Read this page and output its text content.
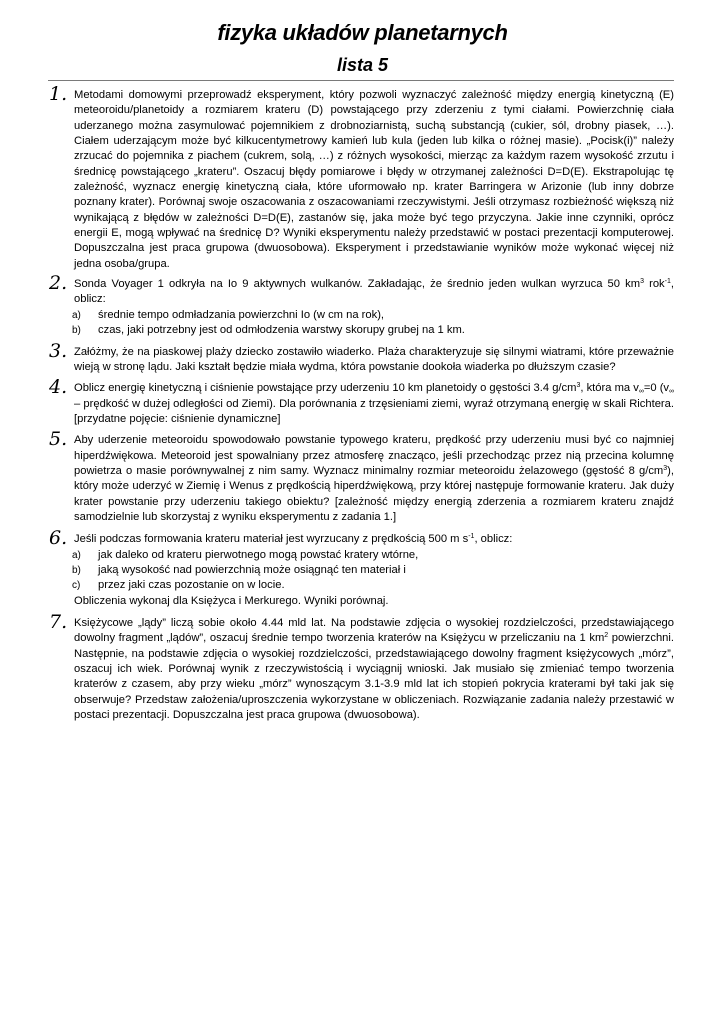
fizyka układów planetarnych
lista 5
1. Metodami domowymi przeprowadź eksperyment, który pozwoli wyznaczyć zależność między energią kinetyczną (E) meteoroidu/planetoidy a rozmiarem krateru (D) powstającego przy zderzeniu z tymi ciałami. Powierzchnię ciała uderzanego można zasymulować pojemnikiem z drobnoziarnistą, suchą substancją (cukier, sól, drobny piasek, …). Ciałem uderzającym może być kilkucentymetrowy kamień lub kula (jeden lub kilka o różnej masie). „Pocisk(i)” należy zrzucać do pojemnika z piachem (cukrem, solą, …) z różnych wysokości, mierząc za każdym razem wysokość zrzutu i średnicę powstającego „krateru”. Oszacuj błędy pomiarowe i błędy w otrzymanej zależności D=D(E). Ekstrapolując tę zależność, wyznacz energię kinetyczną ciała, które uformowało np. krater Barringera w Arizonie (lub inny dobrze poznany krater). Porównaj swoje oszacowania z oszacowaniami rzeczywistymi. Jeśli otrzymasz rozbieżność większą niż wynikającą z błędów w zależności D=D(E), zastanów się, jaka może być tego przyczyna. Jakie inne czynniki, oprócz energii E, mogą wpływać na średnicę D? Wyniki eksperymentu należy przedstawić w postaci prezentacji komputerowej. Dopuszczalna jest praca grupowa (dwuosobowa). Eksperyment i przedstawianie wyników może wykonać więcej niż jedna osoba/grupa.

2. Sonda Voyager 1 odkryła na Io 9 aktywnych wulkanów. Zakładając, że średnio jeden wulkan wyrzuca 50 $km^3$ rok$^{-1}$, oblicz:

a) średnie tempo odmładzania powierzchni Io (w cm na rok),
b) czas, jaki potrzebny jest od odmłodzenia warstwy skorupy grubej na 1 km.
3. Załóżmy, że na piaskowej plaży dziecko zostawiło wiaderko. Plaża charakteryzuje się silnymi wiatrami, które przeważnie wieją w stronę lądu. Jaki kształt będzie miała wydma, która powstanie dookoła wiaderka po dłuższym czasie?

4. Oblicz energię kinetyczną i ciśnienie powstające przy uderzeniu 10 km planetoidy o gęstości 3.4 $g/cm^3$, która ma $v_\infty=0$ ($v_\infty$ – prędkość w dużej odległości od Ziemi). Dla porównania z trzęsieniami ziemi, wyraź otrzymaną energię w skali Richtera. [przydatne pojęcie: ciśnienie dynamiczne]

5. Aby uderzenie meteoroidu spowodowało powstanie typowego krateru, prędkość przy uderzeniu musi być co najmniej hiperdźwiękowa. Meteoroid jest spowalniany przez atmosferę znacząco, jeśli przechodząc przez nią przecina kolumnę powietrza o masie porównywalnej z nim samy. Wyznacz minimalny rozmiar meteoroidu żelazowego (gęstość 8 $g/cm^3$), który może uderzyć w Ziemię i Wenus z prędkością hiperdźwiękową, przy której następuje formowanie krateru. Jak duży krater powstanie przy uderzeniu takiego obiektu? [zależność między energią zderzenia a rozmiarem krateru znajdź samodzielnie lub skorzystaj z wyniku eksperymentu z zadania 1.]

6. Jeśli podczas formowania krateru materiał jest wyrzucany z prędkością 500 m $s^{-1}$, oblicz:

a) jak daleko od krateru pierwotnego mogą powstać kratery wtórne,
b) jaką wysokość nad powierzchnią może osiągnąć ten materiał i
c) przez jaki czas pozostanie on w locie.

Obliczenia wykonaj dla Księżyca i Merkurego. Wyniki porównaj.

7. Księżycowe „lądy” liczą sobie około 4.44 mld lat. Na podstawie zdjęcia o wysokiej rozdzielczości, przedstawiającego dowolny fragment „lądów”, oszacuj średnie tempo tworzenia kraterów na Księżycu w przeliczaniu na 1 $km^2$ powierzchni. Następnie, na podstawie zdjęcia o wysokiej rozdzielczości, przedstawiającego dowolny fragment księżycowych „mórz”, oszacuj ich wiek. Porównaj wynik z rzeczywistością i wyciągnij wnioski. Jak musiało się zmieniać tempo tworzenia kraterów z czasem, aby przy wieku „mórz” wynoszącym 3.1-3.9 mld lat ich stopień pokrycia kraterami był taki jak się obserwuje? Przedstaw założenia/uproszczenia wykorzystane w obliczeniach. Rozwiązanie zadania należy przestawić w postaci prezentacji. Dopuszczalna jest praca grupowa (dwuosobowa).
